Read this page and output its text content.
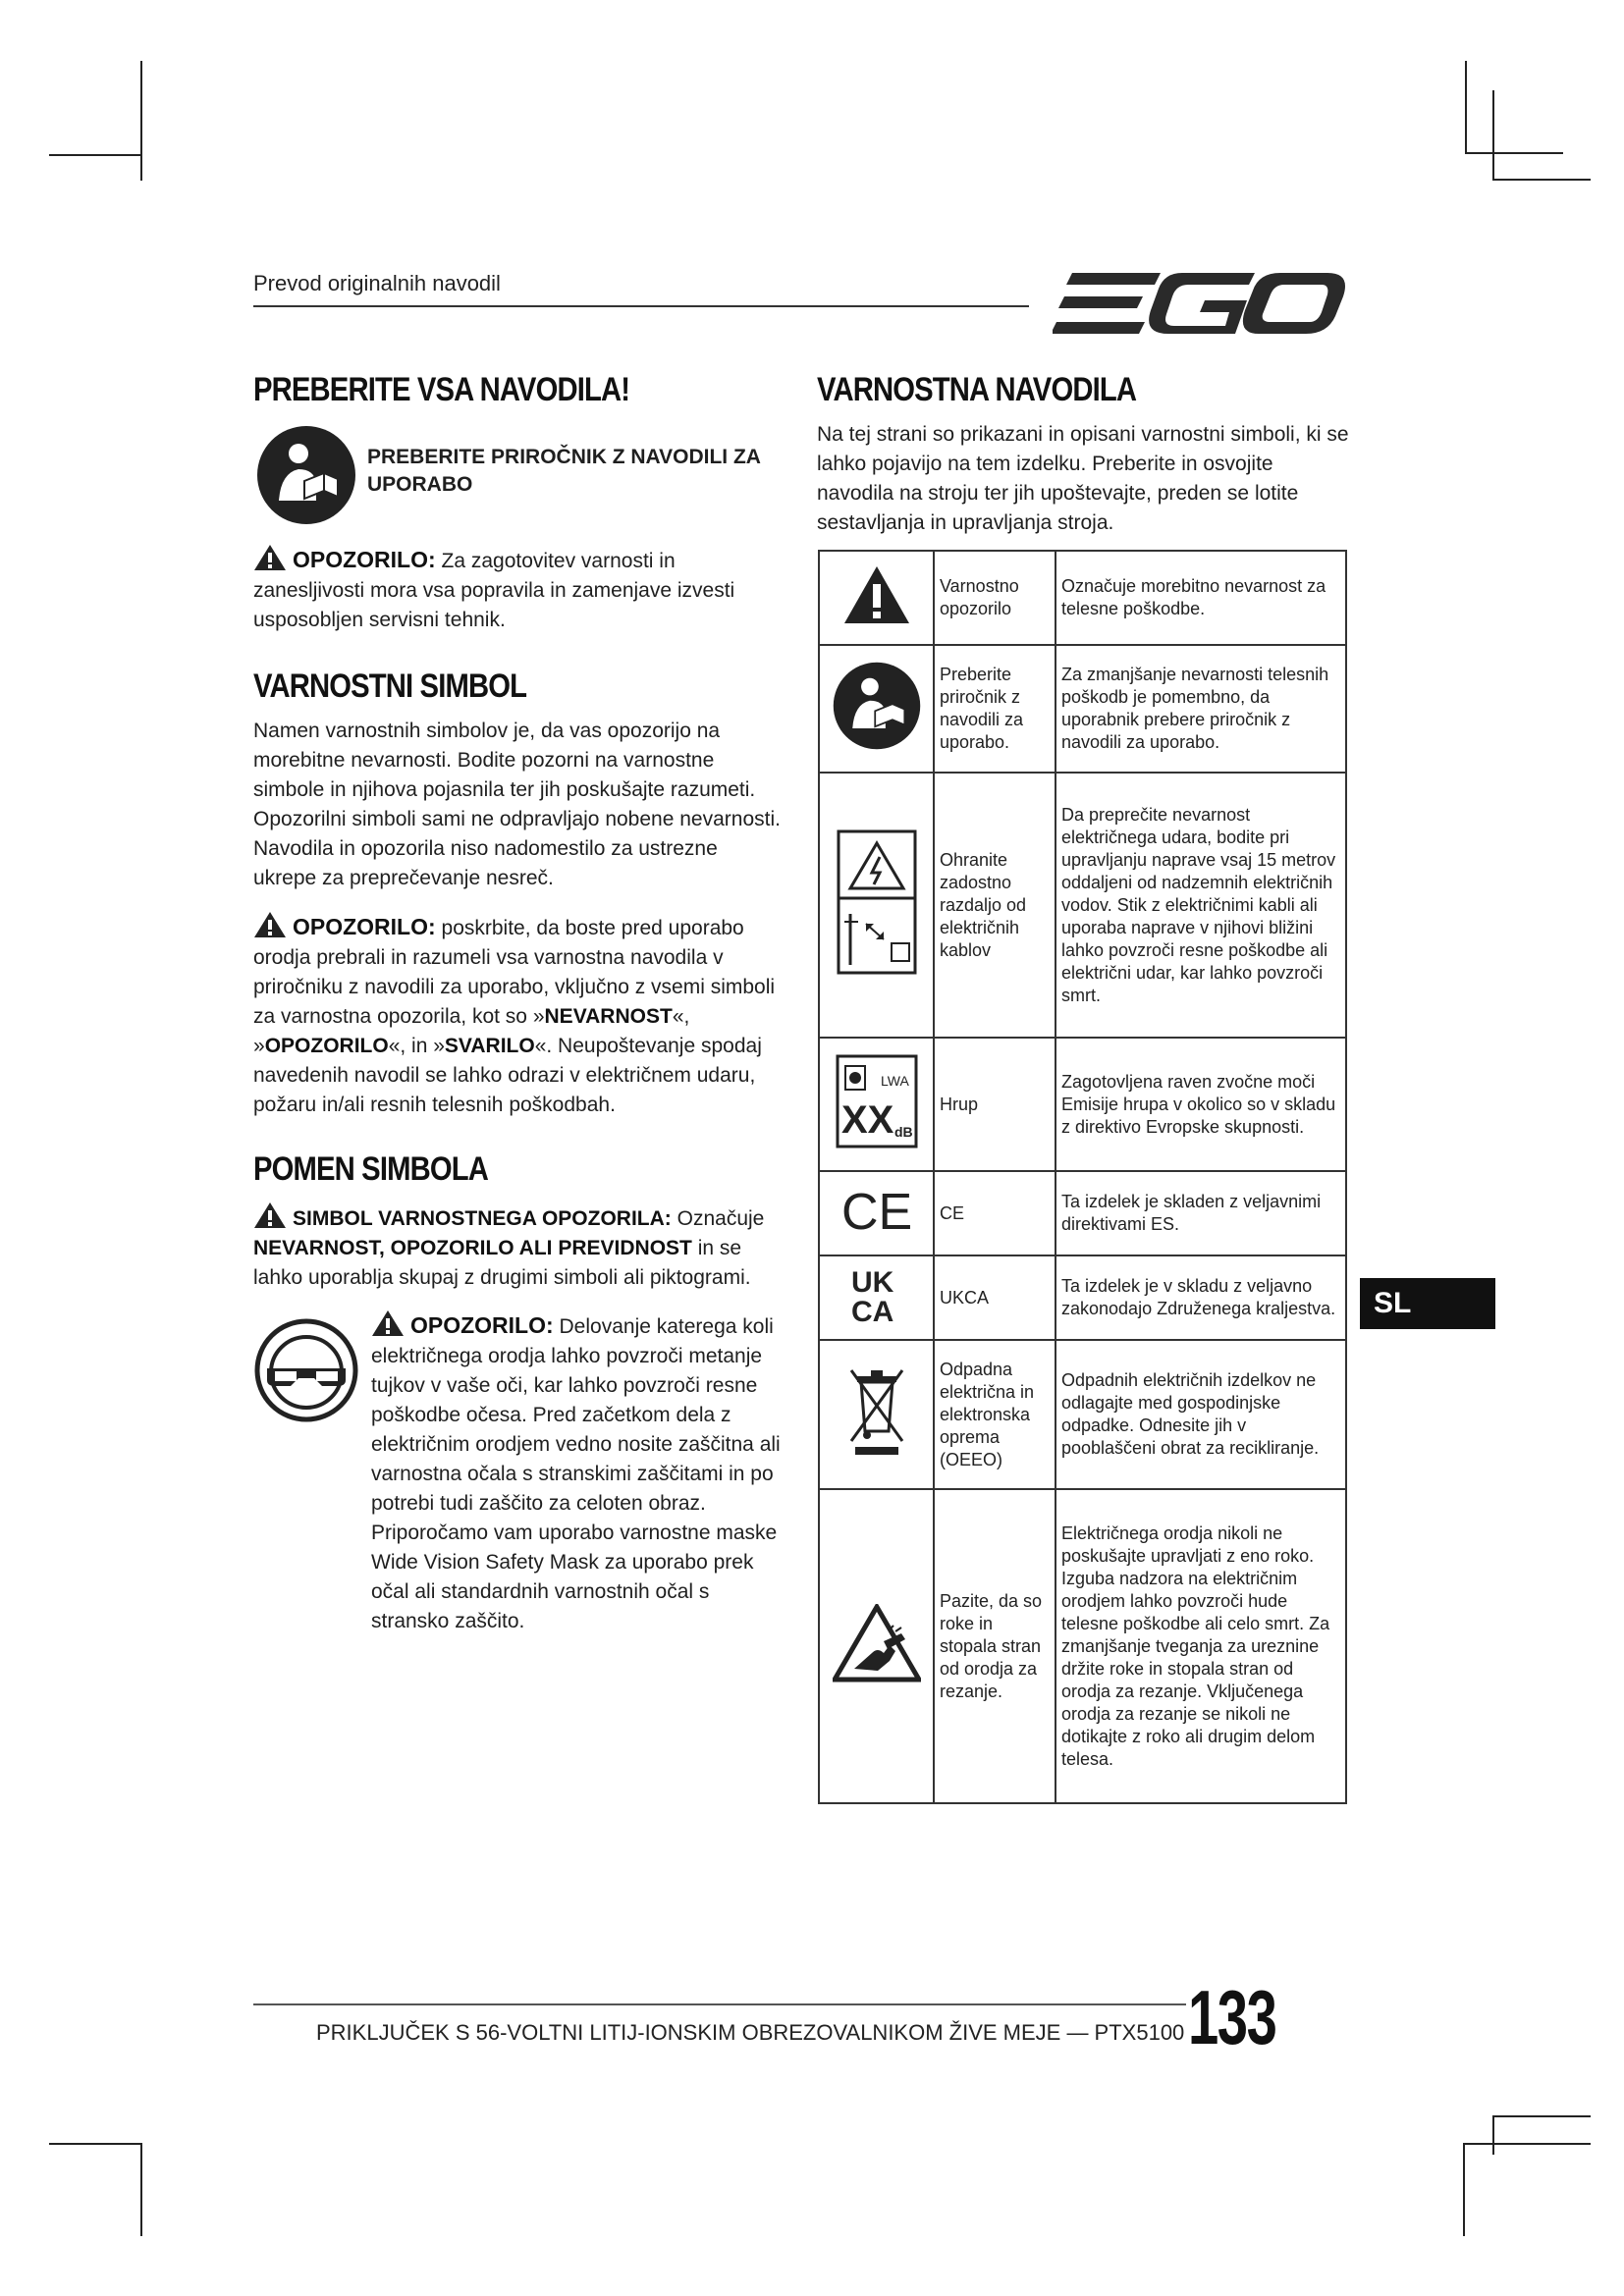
Prevod originalnih navodil
PREBERITE VSA NAVODILA!
PREBERITE PRIROČNIK Z NAVODILI ZA UPORABO
OPOZORILO: Za zagotovitev varnosti in zanesljivosti mora vsa popravila in zamenjave izvesti usposobljen servisni tehnik.
VARNOSTNI SIMBOL
Namen varnostnih simbolov je, da vas opozorijo na morebitne nevarnosti. Bodite pozorni na varnostne simbole in njihova pojasnila ter jih poskušajte razumeti. Opozorilni simboli sami ne odpravljajo nobene nevarnosti. Navodila in opozorila niso nadomestilo za ustrezne ukrepe za preprečevanje nesreč.
OPOZORILO: poskrbite, da boste pred uporabo orodja prebrali in razumeli vsa varnostna navodila v priročniku z navodili za uporabo, vključno z vsemi simboli za varnostna opozorila, kot so »NEVARNOST«, »OPOZORILO«, in »SVARILO«. Neupoštevanje spodaj navedenih navodil se lahko odrazi v električnem udaru, požaru in/ali resnih telesnih poškodbah.
POMEN SIMBOLA
SIMBOL VARNOSTNEGA OPOZORILA: Označuje NEVARNOST, OPOZORILO ALI PREVIDNOST in se lahko uporablja skupaj z drugimi simboli ali piktogrami.
OPOZORILO: Delovanje katerega koli električnega orodja lahko povzroči metanje tujkov v vaše oči, kar lahko povzroči resne poškodbe očesa. Pred začetkom dela z električnim orodjem vedno nosite zaščitna ali varnostna očala s stranskimi zaščitami in po potrebi tudi zaščito za celoten obraz. Priporočamo vam uporabo varnostne maske Wide Vision Safety Mask za uporabo prek očal ali standardnih varnostnih očal s stransko zaščito.
VARNOSTNA NAVODILA
Na tej strani so prikazani in opisani varnostni simboli, ki se lahko pojavijo na tem izdelku. Preberite in osvojite navodila na stroju ter jih upoštevajte, preden se lotite sestavljanja in upravljanja stroja.
	Varnostno opozorilo	Označuje morebitno nevarnost za telesne poškodbe.
	Preberite priročnik z navodili za uporabo.	Za zmanjšanje nevarnosti telesnih poškodb je pomembno, da uporabnik prebere priročnik z navodili za uporabo.
	Ohranite zadostno razdaljo od električnih kablov	Da preprečite nevarnost električnega udara, bodite pri upravljanju naprave vsaj 15 metrov oddaljeni od nadzemnih električnih vodov. Stik z električnimi kabli ali uporaba naprave v njihovi bližini lahko povzroči resne poškodbe ali električni udar, kar lahko povzroči smrt.

LWA
XX dB	Hrup	Zagotovljena raven zvočne moči Emisije hrupa v okolico so v skladu z direktivo Evropske skupnosti.

CE	CE	Ta izdelek je skladen z veljavnimi direktivami ES.

UK
CA	UKCA	Ta izdelek je v skladu z veljavno zakonodajo Združenega kraljestva.
	Odpadna električna in elektronska oprema (OEEO)	Odpadnih električnih izdelkov ne odlagajte med gospodinjske odpadke. Odnesite jih v pooblaščeni obrat za recikliranje.
	Pazite, da so roke in stopala stran od orodja za rezanje.	Električnega orodja nikoli ne poskušajte upravljati z eno roko. Izguba nadzora na električnim orodjem lahko povzroči hude telesne poškodbe ali celo smrt. Za zmanjšanje tveganja za ureznine držite roke in stopala stran od orodja za rezanje. Vključenega orodja za rezanje se nikoli ne dotikajte z roko ali drugim delom telesa.
SL
PRIKLJUČEK S 56-VOLTNI LITIJ-IONSKIM OBREZOVALNIKOM ŽIVE MEJE — PTX5100 133
